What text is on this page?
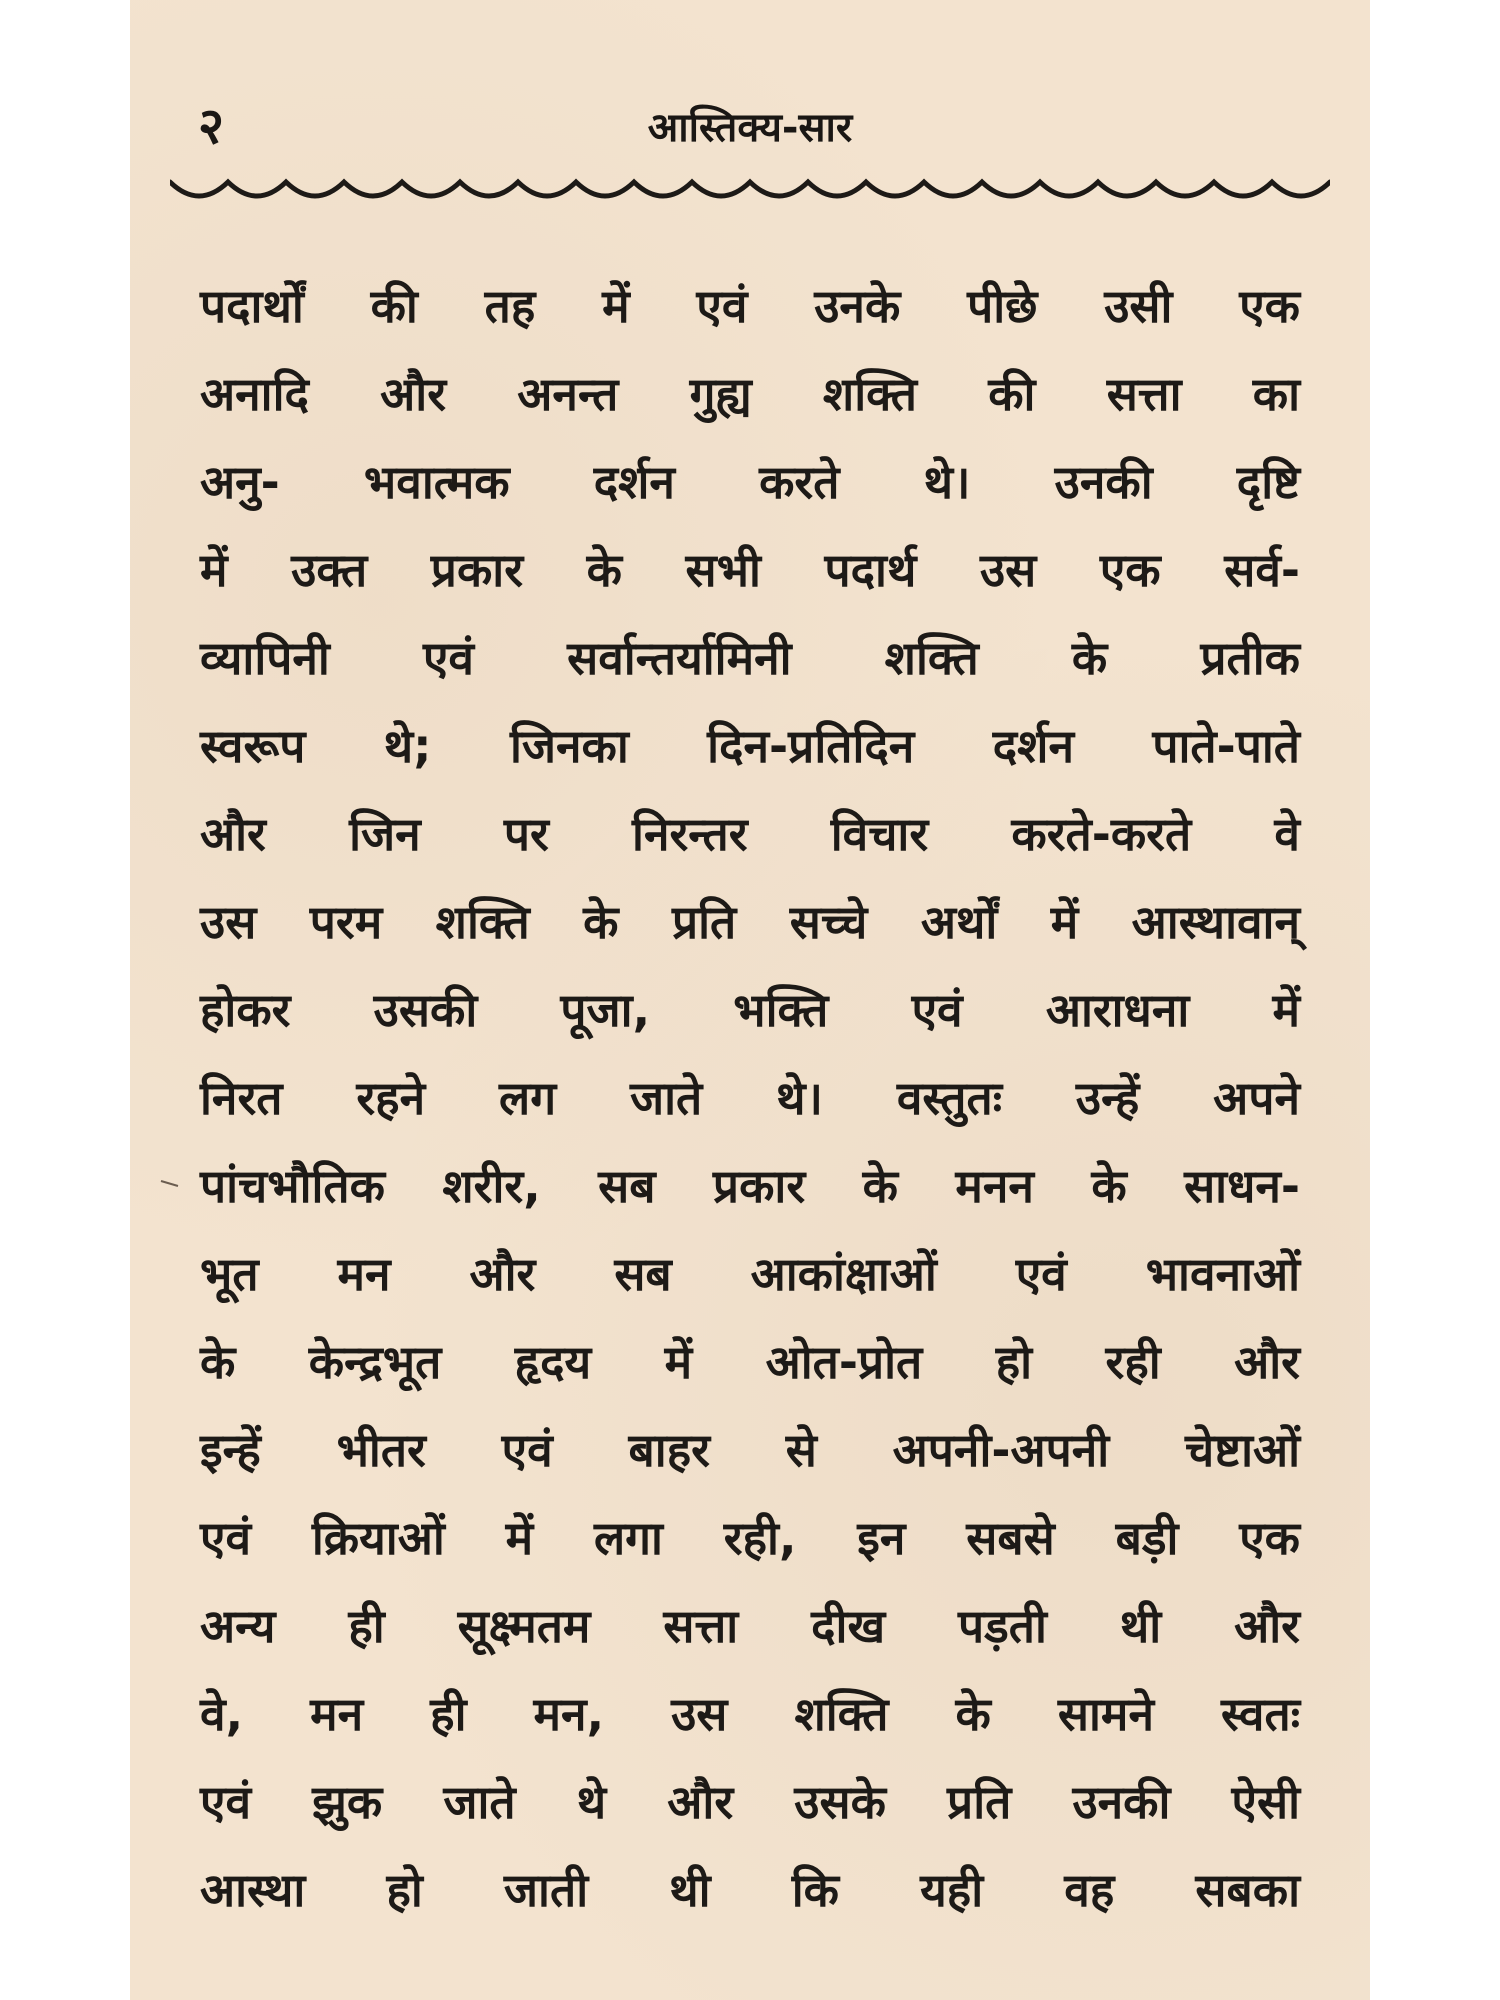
२	आस्तिक्य-सार
पदार्थों की तह में एवं उनके पीछे उसी एक
अनादि और अनन्त गुह्य शक्ति की सत्ता का
अनु- भवात्मक दर्शन करते थे। उनकी दृष्टि
में उक्त प्रकार के सभी पदार्थ उस एक सर्व-
व्यापिनी एवं सर्वान्तर्यामिनी शक्ति के प्रतीक
स्वरूप थे; जिनका दिन-प्रतिदिन दर्शन पाते-पाते
और जिन पर निरन्तर विचार करते-करते वे
उस परम शक्ति के प्रति सच्चे अर्थों में आस्थावान्
होकर उसकी पूजा, भक्ति एवं आराधना में
निरत रहने लग जाते थे। वस्तुतः उन्हें अपने
पांचभौतिक शरीर, सब प्रकार के मनन के साधन-
भूत मन और सब आकांक्षाओं एवं भावनाओं
के केन्द्रभूत हृदय में ओत-प्रोत हो रही और
इन्हें भीतर एवं बाहर से अपनी-अपनी चेष्टाओं
एवं क्रियाओं में लगा रही, इन सबसे बड़ी एक
अन्य ही सूक्ष्मतम सत्ता दीख पड़ती थी और
वे, मन ही मन, उस शक्ति के सामने स्वतः
एवं झुक जाते थे और उसके प्रति उनकी ऐसी
आस्था हो जाती थी कि यही वह सबका
